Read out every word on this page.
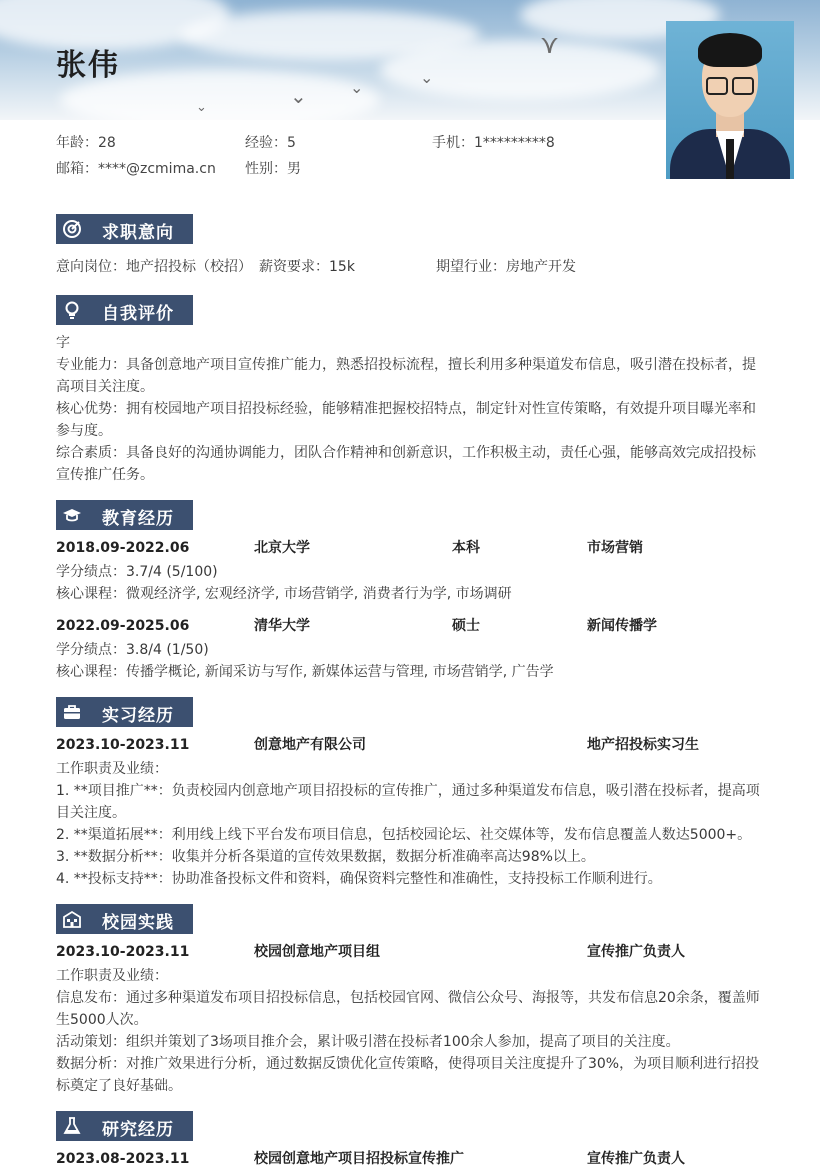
⋎
⌄
⌄	⌄
⌄
张伟
年龄：28	经验：5	手机：1*********8
邮箱：****@zcmima.cn 性别：男
求职意向
意向岗位：地产招投标（校招） 薪资要求：15k	期望行业：房地产开发
自我评价
字
专业能力：具备创意地产项目宣传推广能力，熟悉招投标流程，擅长利用多种渠道发布信息，吸引潜在投标者，提
高项目关注度。
核心优势：拥有校园地产项目招投标经验，能够精准把握校招特点，制定针对性宣传策略，有效提升项目曝光率和
参与度。
综合素质：具备良好的沟通协调能力，团队合作精神和创新意识，工作积极主动，责任心强，能够高效完成招投标
宣传推广任务。
教育经历
2018.09-2022.06	北京大学	本科	市场营销
学分绩点：3.7/4 (5/100)
核心课程：微观经济学, 宏观经济学, 市场营销学, 消费者行为学, 市场调研
2022.09-2025.06	清华大学	硕士	新闻传播学
学分绩点：3.8/4 (1/50)
核心课程：传播学概论, 新闻采访与写作, 新媒体运营与管理, 市场营销学, 广告学
实习经历
2023.10-2023.11	创意地产有限公司	地产招投标实习生
工作职责及业绩：
1. **项目推广**：负责校园内创意地产项目招投标的宣传推广，通过多种渠道发布信息，吸引潜在投标者，提高项
目关注度。
2. **渠道拓展**：利用线上线下平台发布项目信息，包括校园论坛、社交媒体等，发布信息覆盖人数达5000+。
3. **数据分析**：收集并分析各渠道的宣传效果数据，数据分析准确率高达98%以上。
4. **投标支持**：协助准备投标文件和资料，确保资料完整性和准确性，支持投标工作顺利进行。
校园实践
2023.10-2023.11	校园创意地产项目组	宣传推广负责人
工作职责及业绩：
信息发布：通过多种渠道发布项目招投标信息，包括校园官网、微信公众号、海报等，共发布信息20余条，覆盖师
生5000人次。
活动策划：组织并策划了3场项目推介会，累计吸引潜在投标者100余人参加，提高了项目的关注度。
数据分析：对推广效果进行分析，通过数据反馈优化宣传策略，使得项目关注度提升了30%，为项目顺利进行招投
标奠定了良好基础。
研究经历
2023.08-2023.11	校园创意地产项目招投标宣传推广	宣传推广负责人
